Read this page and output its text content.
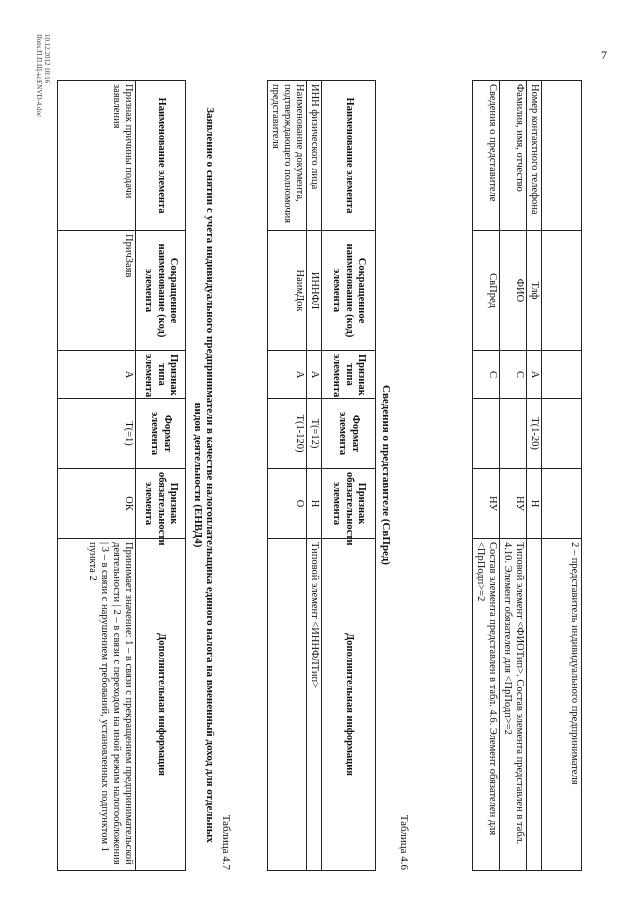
7
					2 – представитель индивидуального предпринимателя
Номер контактного телефона	Тлф	А	T(1-20)	Н	
Фамилия, имя, отчество	ФИО	С		НУ	Типовой элемент <ФИОТип>. Состав элемента представлен в табл. 4.10. Элемент обязателен для <ПрПодп>=2
Сведения о представителе	СвПред	С		НУ	Состав элемента представлен в табл. 4.6. Элемент обязателен для <ПрПодп>=2
Таблица 4.6
Сведения о представителе (СвПред)
Наименование элемента	Сокращенное наименование (код) элемента	Признак типа элемента	Формат элемента	Признак обязательности элемента	Дополнительная информация
ИНН физического лица	ИННФЛ	А	T(=12)	Н	Типовой элемент <ИННФЛТип>
Наименование документа, подтверждающего полномочия представителя	НаимДок	А	T(1-120)	О	
Таблица 4.7
Заявление о снятии с учета индивидуального предпринимателя в качестве налогоплательщика единого налога на вмененный доход для отдельных видов деятельности (ЕНВД4)
Наименование элемента	Сокращенное наименование (код) элемента	Признак типа элемента	Формат элемента	Признак обязательности элемента	Дополнительная информация
Признак причины подачи заявления	ПричЗаяв	А	T(=1)	ОК	Принимает значение: 1 – в связи с прекращением предпринимательской деятельности | 2 – в связи с переходом на иной режим налогообложения | 3 – в связи с нарушением требований, установленных подпунктом 1 пункта 2
10.12.2012 10:16
Ifons:П.П.Щ-ы:ENVD-4.doc
